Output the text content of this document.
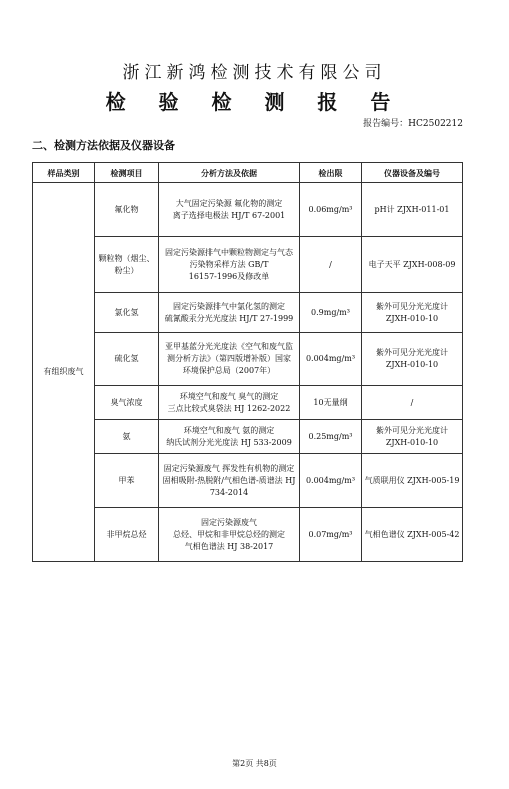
浙江新鸿检测技术有限公司
检 验 检 测 报 告
报告编号：HC2502212
二、检测方法依据及仪器设备
样品类别	检测项目	分析方法及依据	检出限	仪器设备及编号
有组织废气	氟化物	大气固定污染源 氟化物的测定
离子选择电极法 HJ/T 67-2001	0.06mg/m³	pH计 ZJXH-011-01
	颗粒物（烟尘、粉尘）	固定污染源排气中颗粒物测定与气态
污染物采样方法 GB/T
16157-1996及修改单	/	电子天平 ZJXH-008-09
	氯化氢	固定污染源排气中氯化氢的测定
硫氰酸汞分光光度法 HJ/T 27-1999	0.9mg/m³	紫外可见分光光度计
ZJXH-010-10
	硫化氢	亚甲基蓝分光光度法《空气和废气监
测分析方法》（第四版增补版）国家
环境保护总局（2007年）	0.004mg/m³	紫外可见分光光度计
ZJXH-010-10
	臭气浓度	环境空气和废气 臭气的测定
三点比较式臭袋法 HJ 1262-2022	10无量纲	/
	氨	环境空气和废气 氨的测定
纳氏试剂分光光度法 HJ 533-2009	0.25mg/m³	紫外可见分光光度计
ZJXH-010-10
	甲苯	固定污染源废气 挥发性有机物的测定
固相吸附-热脱附/气相色谱-质谱法 HJ
734-2014	0.004mg/m³	气质联用仪 ZJXH-005-19
	非甲烷总烃	固定污染源废气
总烃、甲烷和非甲烷总烃的测定
气相色谱法 HJ 38-2017	0.07mg/m³	气相色谱仪 ZJXH-005-42
第2页 共8页
